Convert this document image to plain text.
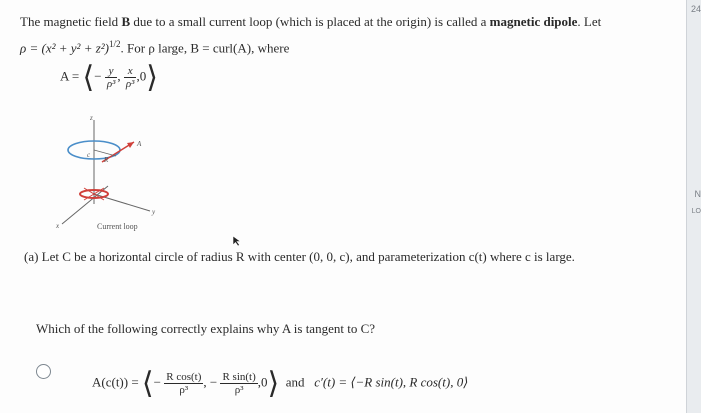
24
N
LO
The magnetic field B due to a small current loop (which is placed at the origin) is called a magnetic dipole. Let
$\rho = (x^2 + y^2 + z^2)^{1/2}$. For ρ large, B = curl(A), where
A = ⟨− $\frac{y}{\text{ρ³}}$ , $\frac{x}{\text{ρ³}}$ ,0⟩
z
c
R
A
x
y
Current loop
(a) Let C be a horizontal circle of radius R with center (0, 0, c), and parameterization c(t) where c is large.
Which of the following correctly explains why A is tangent to C?
A(c(t)) = ⟨− $\frac{\text{R cos(t)}}{\text{ρ³}}$ , − $\frac{\text{R sin(t)}}{\text{ρ³}}$ ,0⟩ and c′(t) = ⟨−R sin(t), R cos(t), 0⟩
